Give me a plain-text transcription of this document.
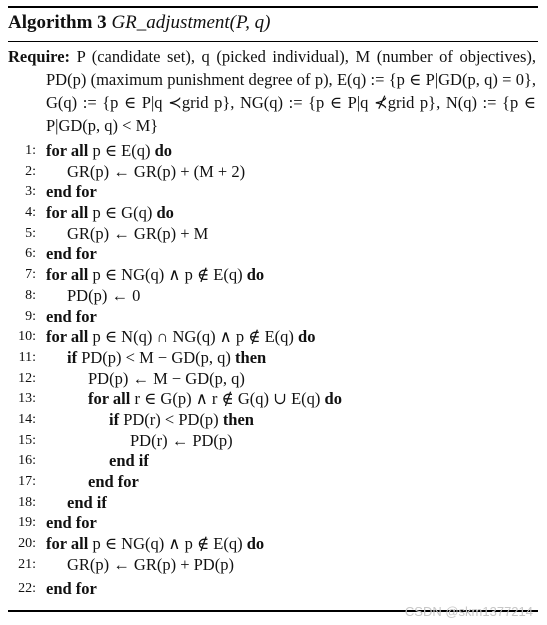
Algorithm 3 GR_adjustment(P, q)
Require: P (candidate set), q (picked individual), M (number of objectives), PD(p) (maximum punishment degree of p), E(q) := {p ∈ P|GD(p, q) = 0}, G(q) := {p ∈ P|q ≺grid p}, NG(q) := {p ∈ P|q ⊀grid p}, N(q) := {p ∈ P|GD(p, q) < M}
1: for all p ∈ E(q) do
2: GR(p) ← GR(p) + (M + 2)
3: end for
4: for all p ∈ G(q) do
5: GR(p) ← GR(p) + M
6: end for
7: for all p ∈ NG(q) ∧ p ∉ E(q) do
8: PD(p) ← 0
9: end for
10: for all p ∈ N(q) ∩ NG(q) ∧ p ∉ E(q) do
11: if PD(p) < M − GD(p, q) then
12:	PD(p) ← M − GD(p, q)
13:	for all r ∈ G(p) ∧ r ∉ G(q) ∪ E(q) do
14:	if PD(r) < PD(p) then
15:	PD(r) ← PD(p)
16:	end if
17:	end for
18: end if
19: end for
20: for all p ∈ NG(q) ∧ p ∉ E(q) do
21: GR(p) ← GR(p) + PD(p)
22: end for
CSDN @skm1377214
